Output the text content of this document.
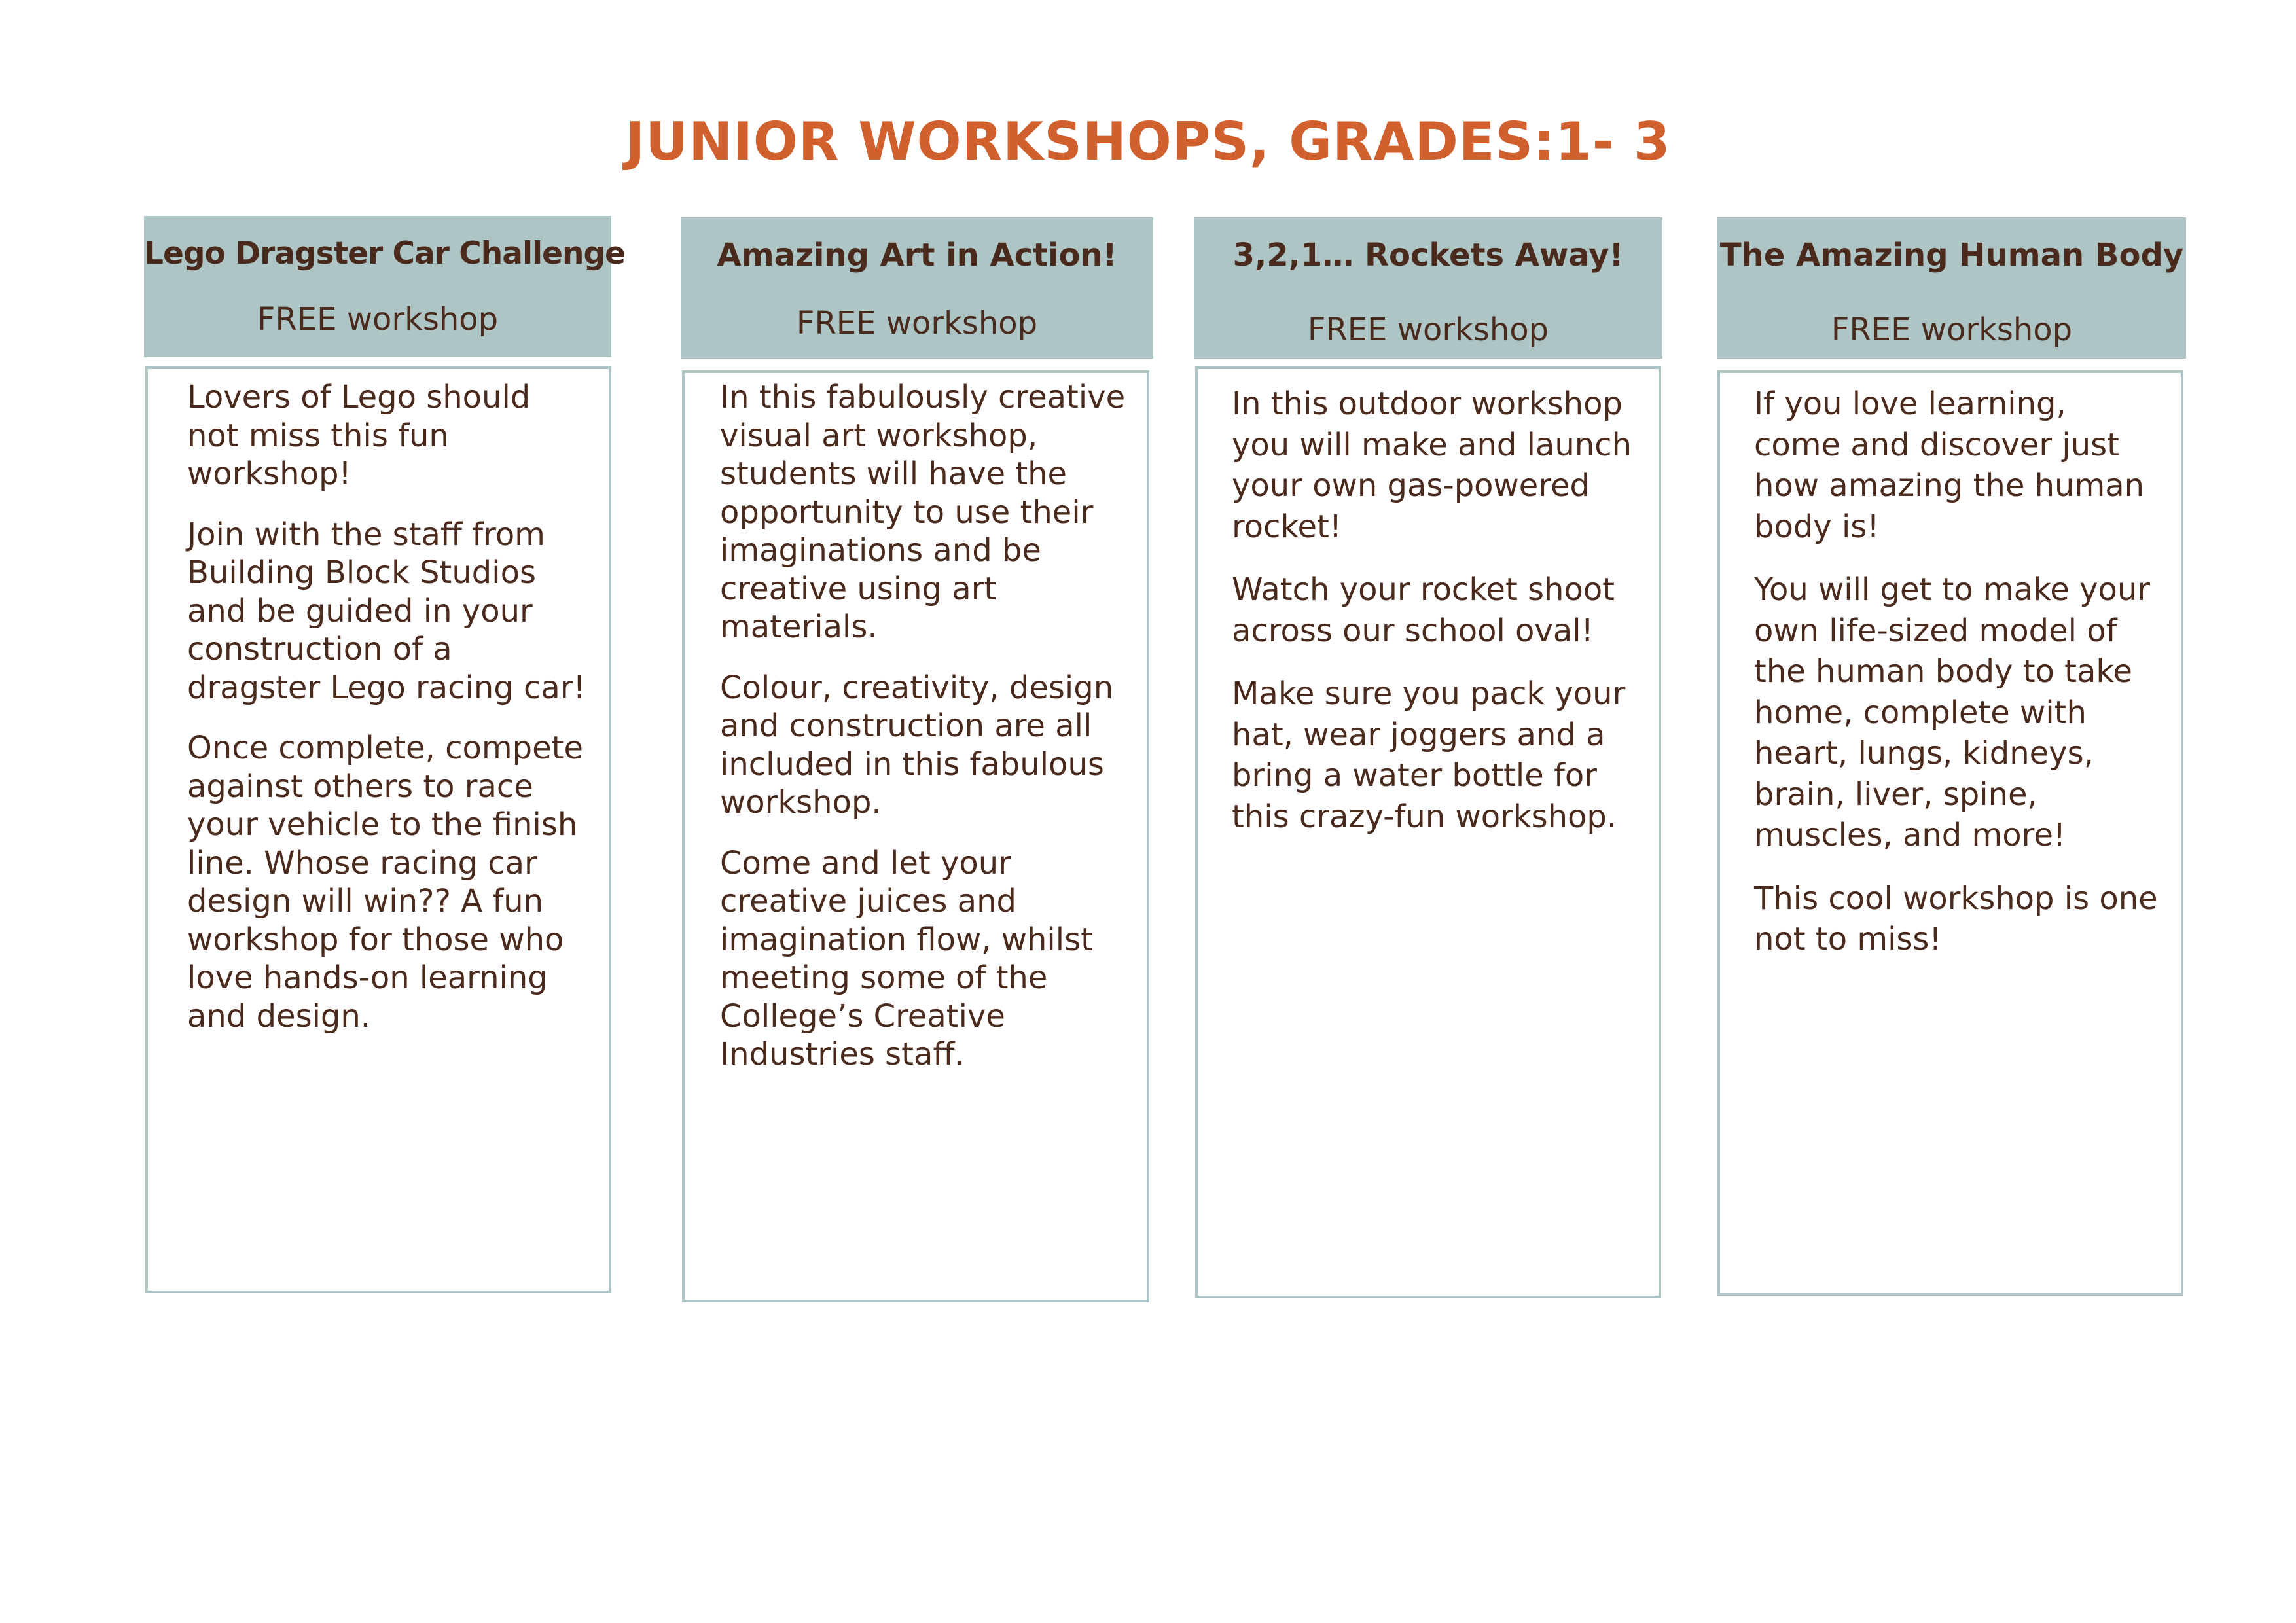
JUNIOR WORKSHOPS, GRADES:1- 3
Lego Dragster Car Challenge
FREE workshop

Lovers of Lego should not miss this fun workshop!

Join with the staff from Building Block Studios and be guided in your construction of a dragster Lego racing car!

Once complete, compete against others to race your vehicle to the finish line. Whose racing car design will win?? A fun workshop for those who love hands-on learning and design.

Amazing Art in Action!
FREE workshop

In this fabulously creative visual art workshop, students will have the opportunity to use their imaginations and be creative using art materials.

Colour, creativity, design and construction are all included in this fabulous workshop.

Come and let your creative juices and imagination flow, whilst meeting some of the College’s Creative Industries staff.

3,2,1… Rockets Away!
FREE workshop

In this outdoor workshop you will make and launch your own gas-powered rocket!

Watch your rocket shoot across our school oval!

Make sure you pack your hat, wear joggers and a bring a water bottle for this crazy-fun workshop.

The Amazing Human Body
FREE workshop

If you love learning, come and discover just how amazing the human body is!

You will get to make your own life-sized model of the human body to take home, complete with heart, lungs, kidneys, brain, liver, spine, muscles, and more!

This cool workshop is one not to miss!
